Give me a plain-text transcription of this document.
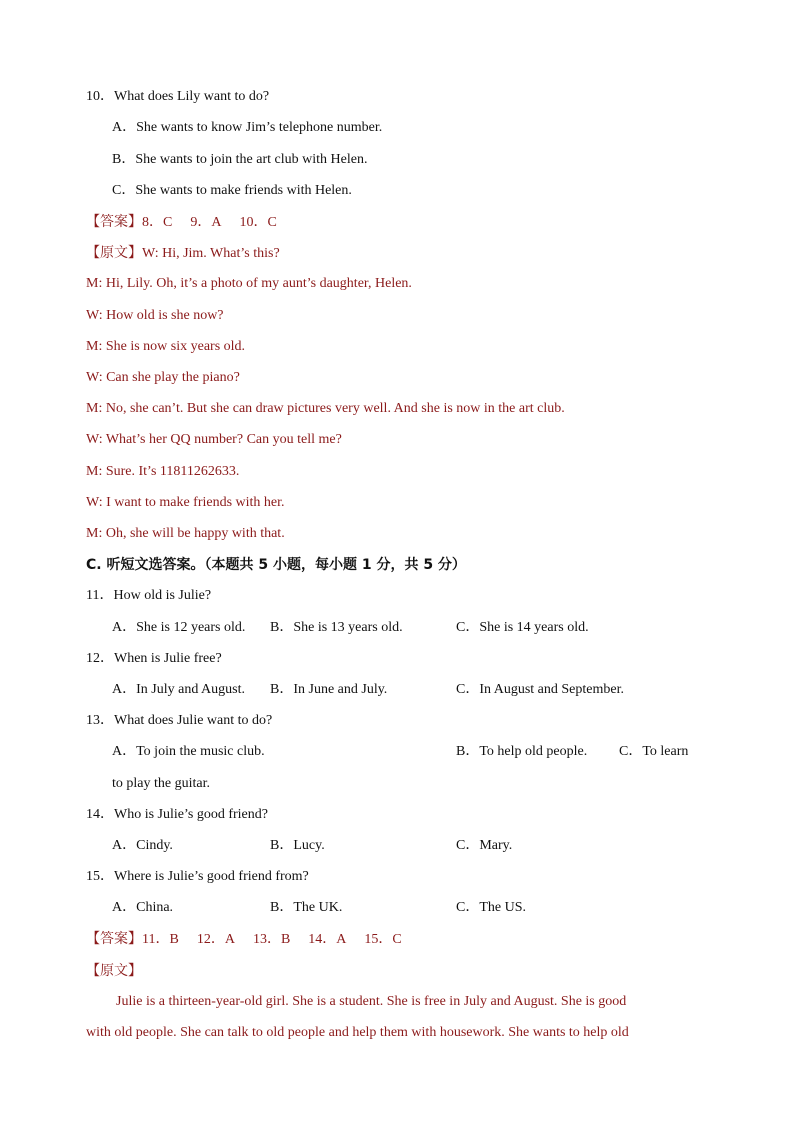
10．What does Lily want to do?
A．She wants to know Jim’s telephone number.
B．She wants to join the art club with Helen.
C．She wants to make friends with Helen.
【答案】8．C 9．A 10．C
【原文】W: Hi, Jim. What’s this?
M: Hi, Lily. Oh, it’s a photo of my aunt’s daughter, Helen.
W: How old is she now?
M: She is now six years old.
W: Can she play the piano?
M: No, she can’t. But she can draw pictures very well. And she is now in the art club.
W: What’s her QQ number? Can you tell me?
M: Sure. It’s 11811262633.
W: I want to make friends with her.
M: Oh, she will be happy with that.
C. 听短文选答案。（本题共 5 小题，每小题 1 分，共 5 分）
11．How old is Julie?
A．She is 12 years old. B．She is 13 years old.	C．She is 14 years old.
12．When is Julie free?
A．In July and August. B．In June and July.	C．In August and September.
13．What does Julie want to do?
A．To join the music club.	B．To help old people. C．To learn
to play the guitar.
14．Who is Julie’s good friend?
A．Cindy.	B．Lucy.	C．Mary.
15．Where is Julie’s good friend from?
A．China.	B．The UK.	C．The US.
【答案】11．B 12．A 13．B 14．A 15．C
【原文】
Julie is a thirteen-year-old girl. She is a student. She is free in July and August. She is good
with old people. She can talk to old people and help them with housework. She wants to help old
